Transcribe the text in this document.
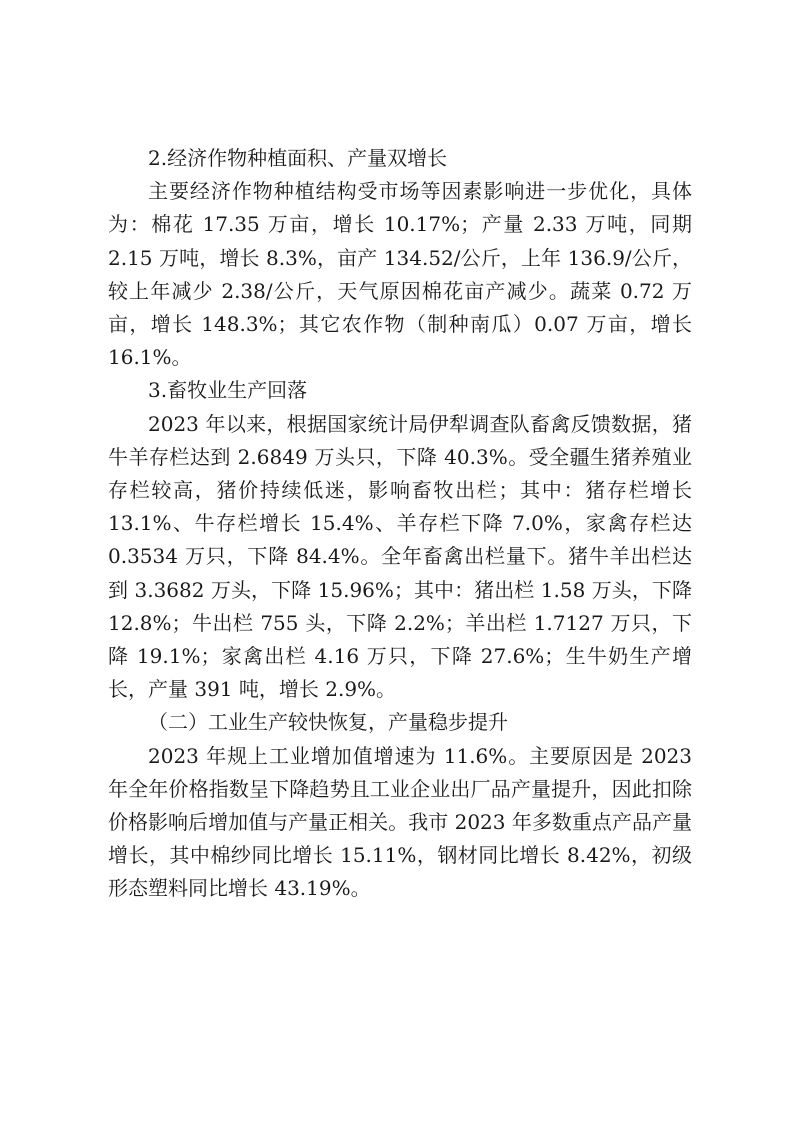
2.经济作物种植面积、产量双增长

主要经济作物种植结构受市场等因素影响进一步优化，具体为：棉花 17.35 万亩，增长 10.17%；产量 2.33 万吨，同期 2.15 万吨，增长 8.3%，亩产 134.52/公斤，上年 136.9/公斤，较上年减少 2.38/公斤，天气原因棉花亩产减少。蔬菜 0.72 万亩，增长 148.3%；其它农作物（制种南瓜）0.07 万亩，增长 16.1%。

3.畜牧业生产回落

2023 年以来，根据国家统计局伊犁调查队畜禽反馈数据，猪牛羊存栏达到 2.6849 万头只，下降 40.3%。受全疆生猪养殖业存栏较高，猪价持续低迷，影响畜牧出栏；其中：猪存栏增长 13.1%、牛存栏增长 15.4%、羊存栏下降 7.0%，家禽存栏达 0.3534 万只，下降 84.4%。全年畜禽出栏量下。猪牛羊出栏达到 3.3682 万头，下降 15.96%；其中：猪出栏 1.58 万头，下降 12.8%；牛出栏 755 头，下降 2.2%；羊出栏 1.7127 万只，下降 19.1%；家禽出栏 4.16 万只，下降 27.6%；生牛奶生产增长，产量 391 吨，增长 2.9%。

（二）工业生产较快恢复，产量稳步提升

2023 年规上工业增加值增速为 11.6%。主要原因是 2023 年全年价格指数呈下降趋势且工业企业出厂品产量提升，因此扣除价格影响后增加值与产量正相关。我市 2023 年多数重点产品产量增长，其中棉纱同比增长 15.11%，钢材同比增长 8.42%，初级形态塑料同比增长 43.19%。
